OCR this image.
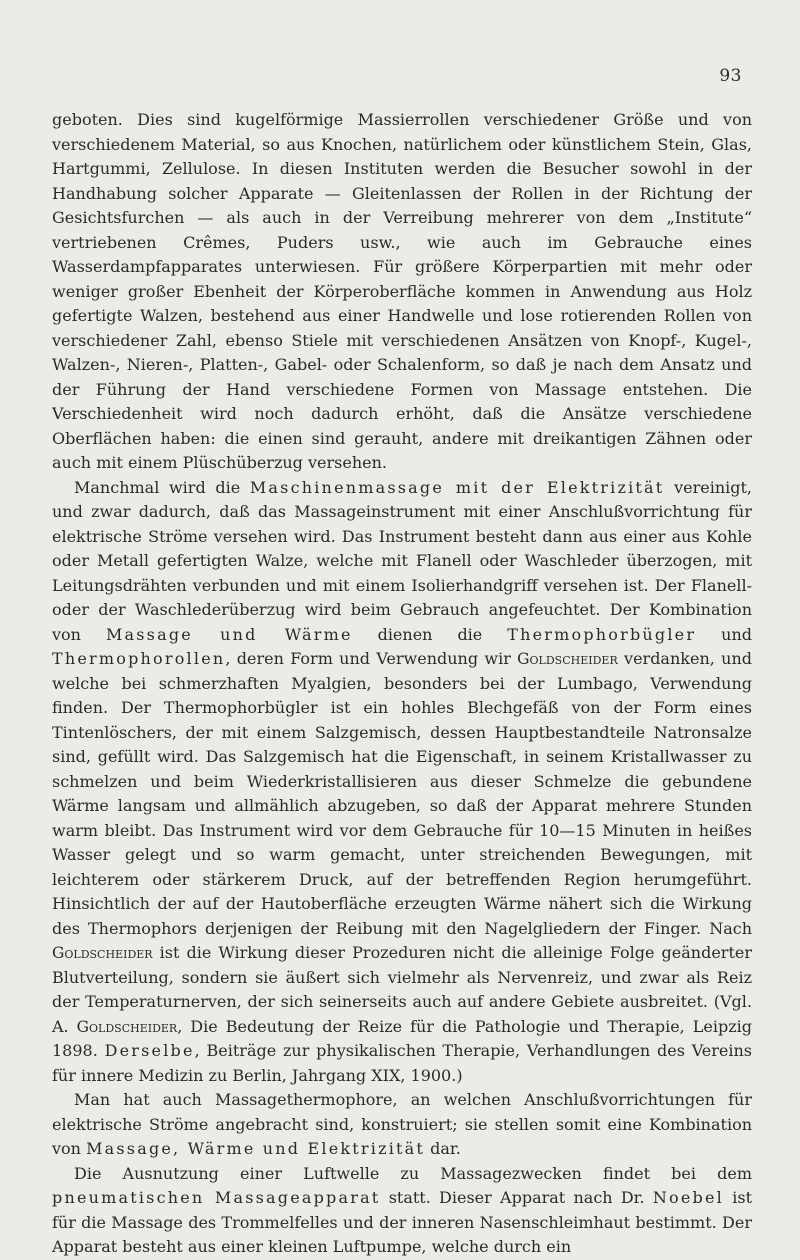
93

geboten. Dies sind kugelförmige Massierrollen verschiedener Größe und von verschiedenem Material, so aus Knochen, natürlichem oder künstlichem Stein, Glas, Hartgummi, Zellulose. In diesen Instituten werden die Besucher sowohl in der Handhabung solcher Apparate — Gleitenlassen der Rollen in der Richtung der Gesichtsfurchen — als auch in der Verreibung mehrerer von dem „Institute“ vertriebenen Crêmes, Puders usw., wie auch im Gebrauche eines Wasserdampfapparates unterwiesen. Für größere Körperpartien mit mehr oder weniger großer Ebenheit der Körperoberfläche kommen in Anwendung aus Holz gefertigte Walzen, bestehend aus einer Handwelle und lose rotierenden Rollen von verschiedener Zahl, ebenso Stiele mit verschiedenen Ansätzen von Knopf-, Kugel-, Walzen-, Nieren-, Platten-, Gabel- oder Schalenform, so daß je nach dem Ansatz und der Führung der Hand verschiedene Formen von Massage entstehen. Die Verschiedenheit wird noch dadurch erhöht, daß die Ansätze verschiedene Oberflächen haben: die einen sind gerauht, andere mit dreikantigen Zähnen oder auch mit einem Plüschüberzug versehen.

Manchmal wird die Maschinenmassage mit der Elektrizität vereinigt, und zwar dadurch, daß das Massageinstrument mit einer Anschlußvorrichtung für elektrische Ströme versehen wird. Das Instrument besteht dann aus einer aus Kohle oder Metall gefertigten Walze, welche mit Flanell oder Waschleder überzogen, mit Leitungsdrähten verbunden und mit einem Isolierhandgriff versehen ist. Der Flanell- oder der Waschlederüberzug wird beim Gebrauch angefeuchtet. Der Kombination von Massage und Wärme dienen die Thermophorbügler und Thermophorollen, deren Form und Verwendung wir Goldscheider verdanken, und welche bei schmerzhaften Myalgien, besonders bei der Lumbago, Verwendung finden. Der Thermophorbügler ist ein hohles Blechgefäß von der Form eines Tintenlöschers, der mit einem Salzgemisch, dessen Hauptbestandteile Natronsalze sind, gefüllt wird. Das Salzgemisch hat die Eigenschaft, in seinem Kristallwasser zu schmelzen und beim Wiederkristallisieren aus dieser Schmelze die gebundene Wärme langsam und allmählich abzugeben, so daß der Apparat mehrere Stunden warm bleibt. Das Instrument wird vor dem Gebrauche für 10—15 Minuten in heißes Wasser gelegt und so warm gemacht, unter streichenden Bewegungen, mit leichterem oder stärkerem Druck, auf der betreffenden Region herumgeführt. Hinsichtlich der auf der Hautoberfläche erzeugten Wärme nähert sich die Wirkung des Thermophors derjenigen der Reibung mit den Nagelgliedern der Finger. Nach Goldscheider ist die Wirkung dieser Prozeduren nicht die alleinige Folge geänderter Blutverteilung, sondern sie äußert sich vielmehr als Nervenreiz, und zwar als Reiz der Temperaturnerven, der sich seinerseits auch auf andere Gebiete ausbreitet. (Vgl. A. Goldscheider, Die Bedeutung der Reize für die Pathologie und Therapie, Leipzig 1898. Derselbe, Beiträge zur physikalischen Therapie, Verhandlungen des Vereins für innere Medizin zu Berlin, Jahrgang XIX, 1900.)

Man hat auch Massagethermophore, an welchen Anschlußvorrichtungen für elektrische Ströme angebracht sind, konstruiert; sie stellen somit eine Kombination von Massage, Wärme und Elektrizität dar.

Die Ausnutzung einer Luftwelle zu Massagezwecken findet bei dem pneumatischen Massageapparat statt. Dieser Apparat nach Dr. Noebel ist für die Massage des Trommelfelles und der inneren Nasenschleimhaut bestimmt. Der Apparat besteht aus einer kleinen Luftpumpe, welche durch ein
